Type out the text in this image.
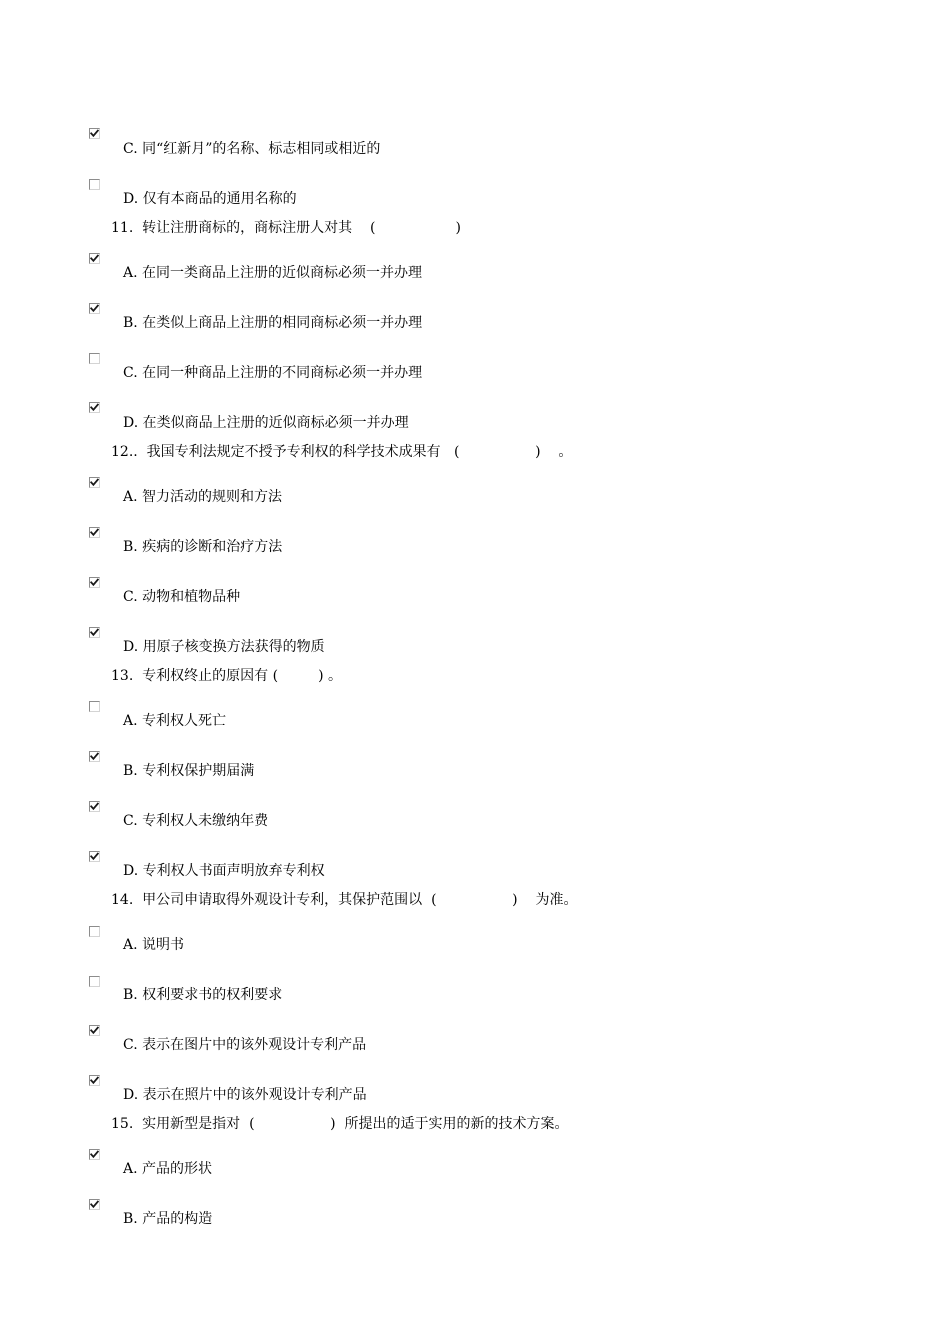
C. 同“红新月”的名称、标志相同或相近的
D. 仅有本商品的通用名称的
11.  转让注册商标的，商标注册人对其    (                  )
A. 在同一类商品上注册的近似商标必须一并办理
B. 在类似上商品上注册的相同商标必须一并办理
C. 在同一种商品上注册的不同商标必须一并办理
D. 在类似商品上注册的近似商标必须一并办理
12..  我国专利法规定不授予专利权的科学技术成果有   (                 )    。
A. 智力活动的规则和方法
B. 疾病的诊断和治疗方法
C. 动物和植物品种
D. 用原子核变换方法获得的物质
13.  专利权终止的原因有 (         ) 。
A. 专利权人死亡
B. 专利权保护期届满
C. 专利权人未缴纳年费
D. 专利权人书面声明放弃专利权
14.  甲公司申请取得外观设计专利，其保护范围以  (                 )    为准。
A. 说明书
B. 权利要求书的权利要求
C. 表示在图片中的该外观设计专利产品
D. 表示在照片中的该外观设计专利产品
15.  实用新型是指对  (                 )  所提出的适于实用的新的技术方案。
A. 产品的形状
B. 产品的构造
